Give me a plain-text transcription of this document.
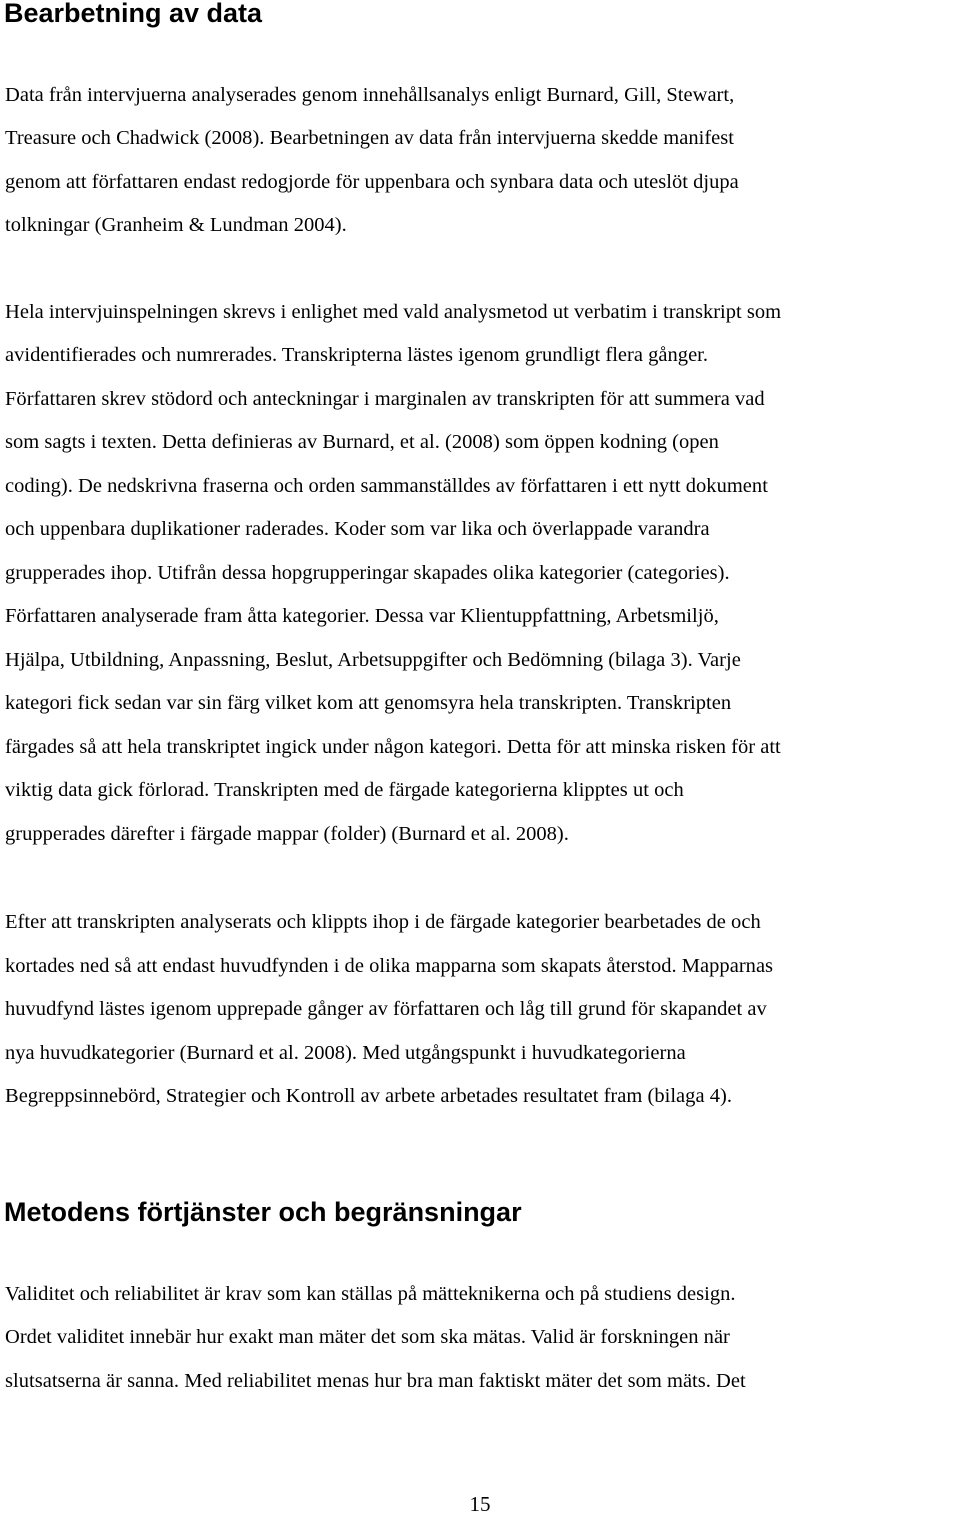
Bearbetning av data

Data från intervjuerna analyserades genom innehållsanalys enligt Burnard, Gill, Stewart,
Treasure och Chadwick (2008). Bearbetningen av data från intervjuerna skedde manifest
genom att författaren endast redogjorde för uppenbara och synbara data och uteslöt djupa
tolkningar (Granheim & Lundman 2004).

Hela intervjuinspelningen skrevs i enlighet med vald analysmetod ut verbatim i transkript som
avidentifierades och numrerades. Transkripterna lästes igenom grundligt flera gånger.
Författaren skrev stödord och anteckningar i marginalen av transkripten för att summera vad
som sagts i texten. Detta definieras av Burnard, et al. (2008) som öppen kodning (open
coding). De nedskrivna fraserna och orden sammanställdes av författaren i ett nytt dokument
och uppenbara duplikationer raderades. Koder som var lika och överlappade varandra
grupperades ihop. Utifrån dessa hopgrupperingar skapades olika kategorier (categories).
Författaren analyserade fram åtta kategorier. Dessa var Klientuppfattning, Arbetsmiljö,
Hjälpa, Utbildning, Anpassning, Beslut, Arbetsuppgifter och Bedömning (bilaga 3). Varje
kategori fick sedan var sin färg vilket kom att genomsyra hela transkripten. Transkripten
färgades så att hela transkriptet ingick under någon kategori. Detta för att minska risken för att
viktig data gick förlorad. Transkripten med de färgade kategorierna klipptes ut och
grupperades därefter i färgade mappar (folder) (Burnard et al. 2008).

Efter att transkripten analyserats och klippts ihop i de färgade kategorier bearbetades de och
kortades ned så att endast huvudfynden i de olika mapparna som skapats återstod. Mapparnas
huvudfynd lästes igenom upprepade gånger av författaren och låg till grund för skapandet av
nya huvudkategorier (Burnard et al. 2008). Med utgångspunkt i huvudkategorierna
Begreppsinnebörd, Strategier och Kontroll av arbete arbetades resultatet fram (bilaga 4).

Metodens förtjänster och begränsningar

Validitet och reliabilitet är krav som kan ställas på mätteknikerna och på studiens design.
Ordet validitet innebär hur exakt man mäter det som ska mätas. Valid är forskningen när
slutsatserna är sanna. Med reliabilitet menas hur bra man faktiskt mäter det som mäts. Det

15
